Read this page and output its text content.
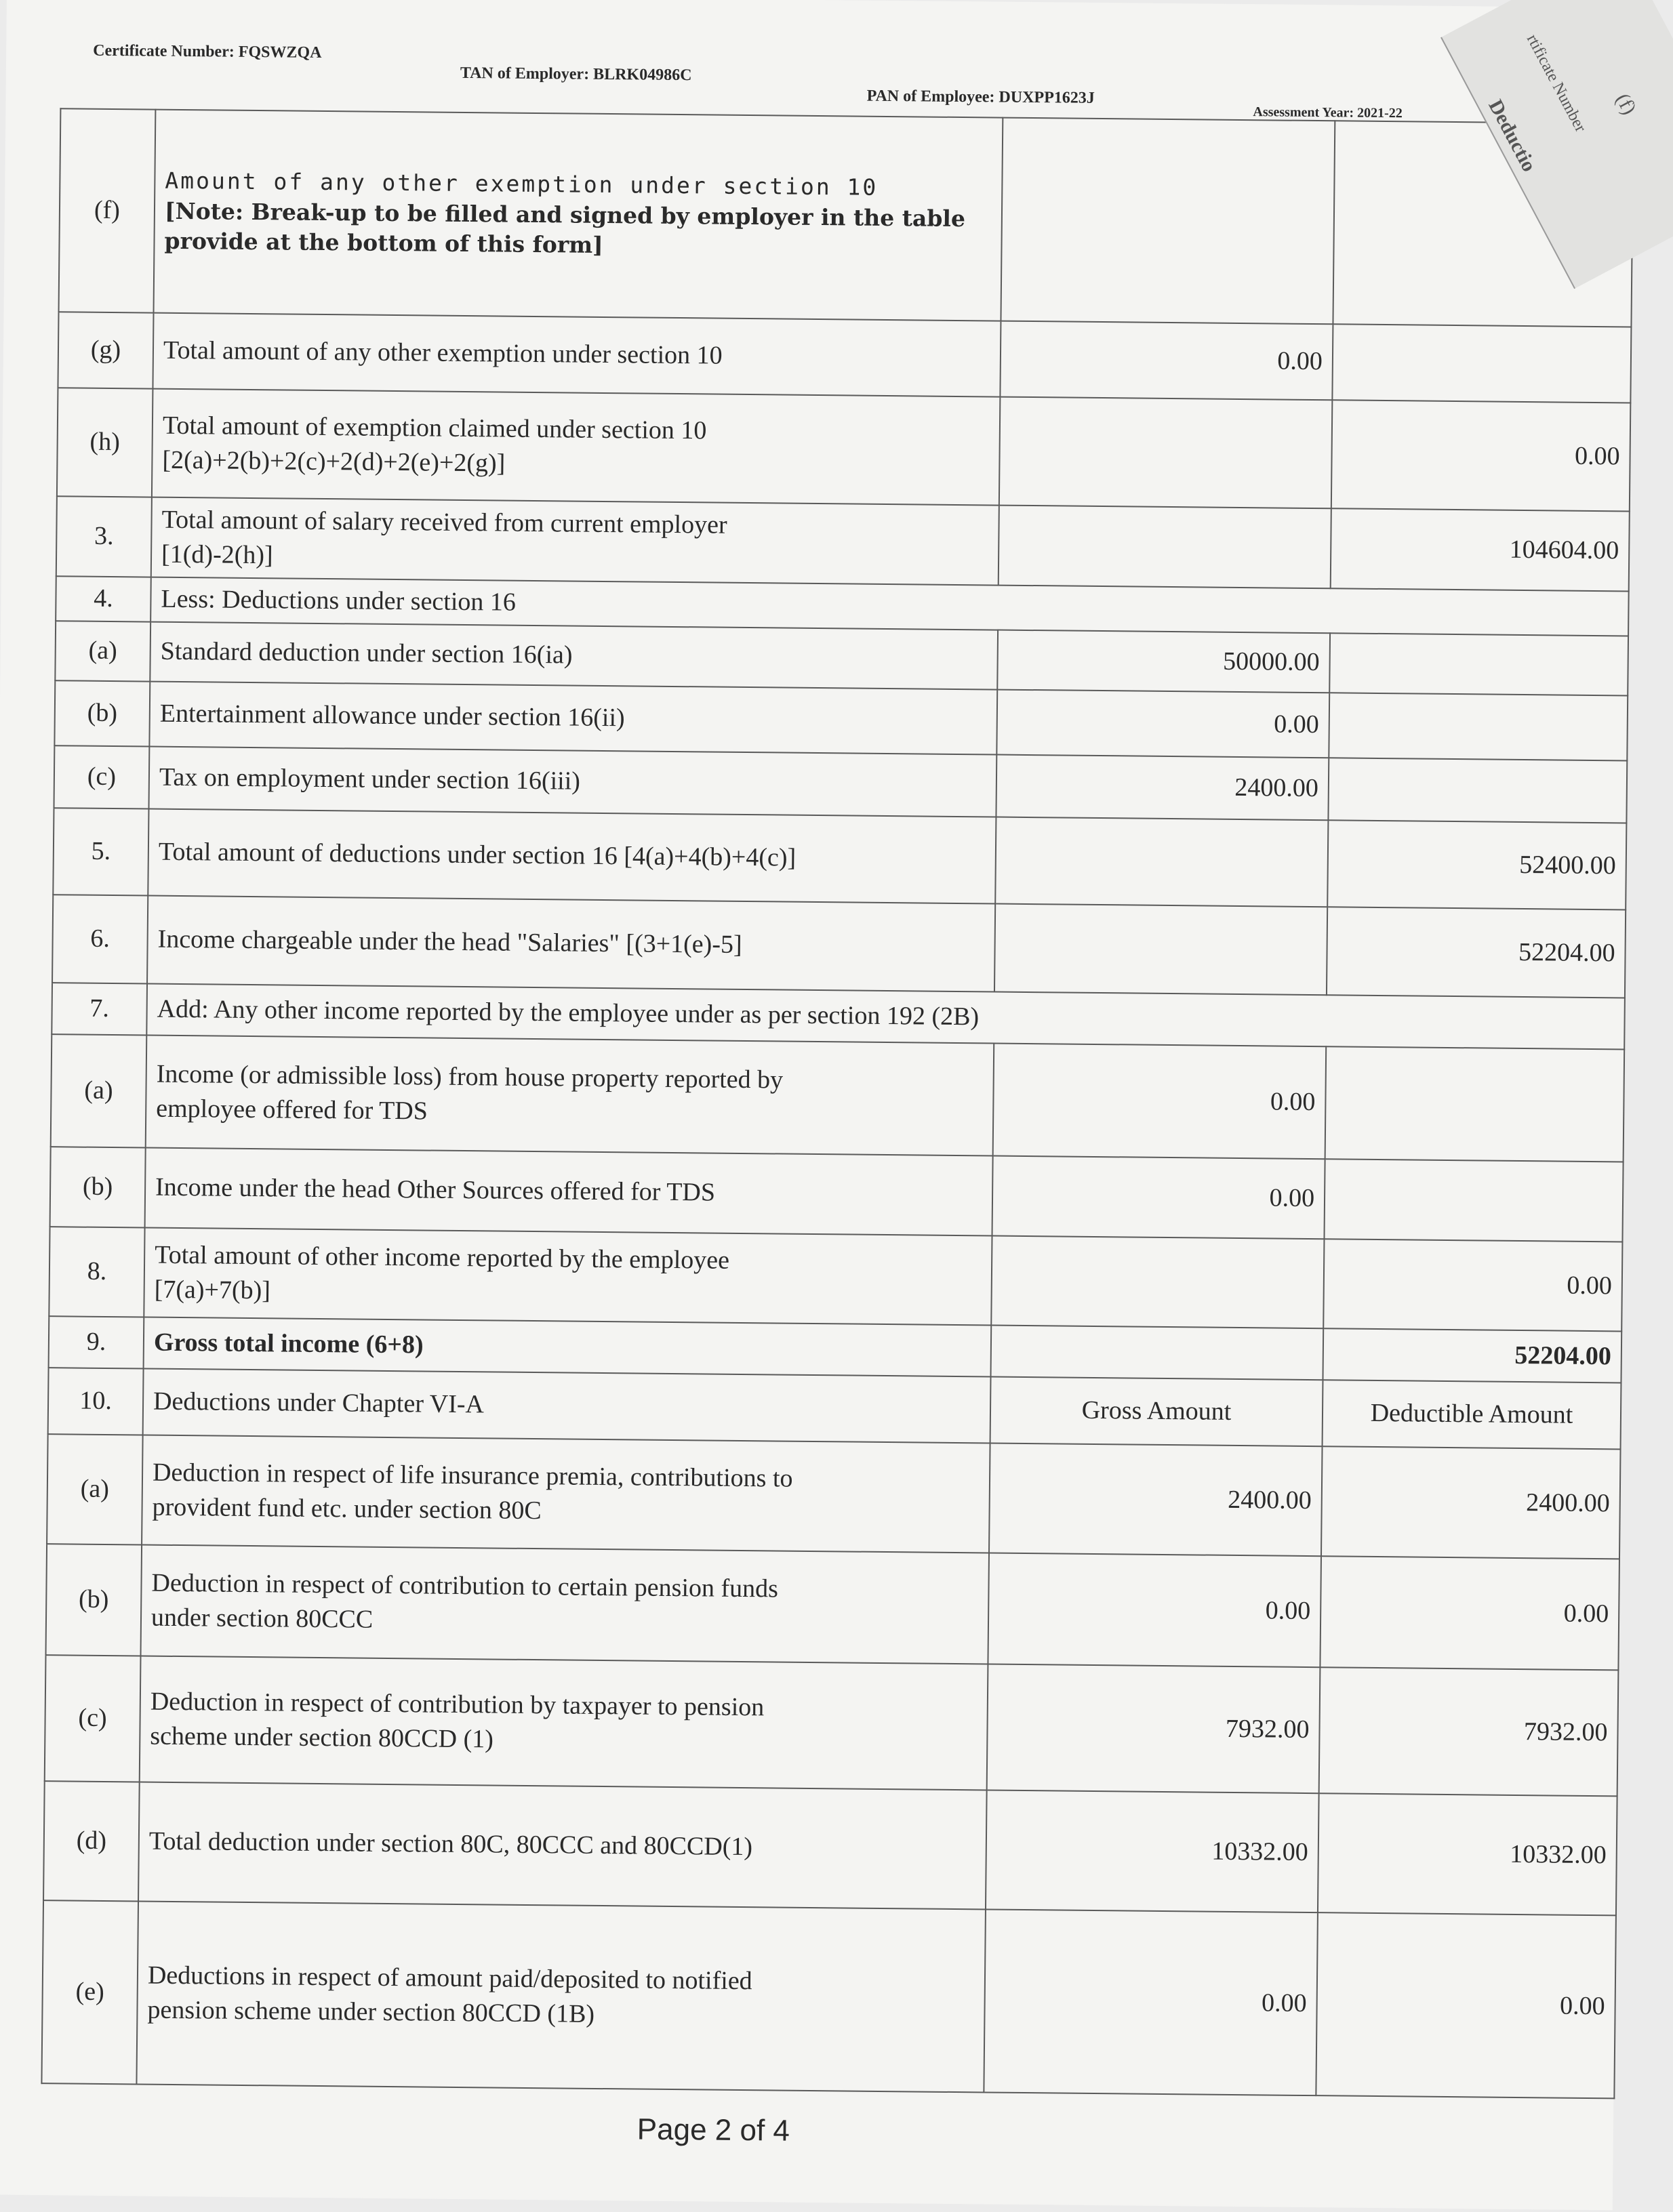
Certificate Number: FQSWZQA
TAN of Employer: BLRK04986C
PAN of Employee: DUXPP1623J
Assessment Year: 2021-22
(f)	Amount of any other exemption under section 10
[Note: Break-up to be filled and signed by employer in the table provide at the bottom of this form]		

(g)	Total amount of any other exemption under section 10	0.00	
(h)	Total amount of exemption claimed under section 10
[2(a)+2(b)+2(c)+2(d)+2(e)+2(g)]		0.00
3.	Total amount of salary received from current employer
[1(d)-2(h)]		104604.00
4.	Less: Deductions under section 16		
(a)	Standard deduction under section 16(ia)	50000.00	
(b)	Entertainment allowance under section 16(ii)	0.00	
(c)	Tax on employment under section 16(iii)	2400.00	
5.	Total amount of deductions under section 16 [4(a)+4(b)+4(c)]		52400.00
6.	Income chargeable under the head "Salaries" [(3+1(e)-5]		52204.00
7.	Add: Any other income reported by the employee under as per section 192 (2B)		
(a)	Income (or admissible loss) from house property reported by
employee offered for TDS	0.00	
(b)	Income under the head Other Sources offered for TDS	0.00	
8.	Total amount of other income reported by the employee
[7(a)+7(b)]		0.00
9.	Gross total income (6+8)		52204.00
10.	Deductions under Chapter VI-A	Gross Amount	Deductible Amount
(a)	Deduction in respect of life insurance premia, contributions to
provident fund etc. under section 80C	2400.00	2400.00
(b)	Deduction in respect of contribution to certain pension funds
under section 80CCC	0.00	0.00
(c)	Deduction in respect of contribution by taxpayer to pension
scheme under section 80CCD (1)	7932.00	7932.00
(d)	Total deduction under section 80C, 80CCC and 80CCD(1)	10332.00	10332.00
(e)	Deductions in respect of amount paid/deposited to notified
pension scheme under section 80CCD (1B)	0.00	0.00
Page 2 of 4
Deductio
rtificate Number (f)
